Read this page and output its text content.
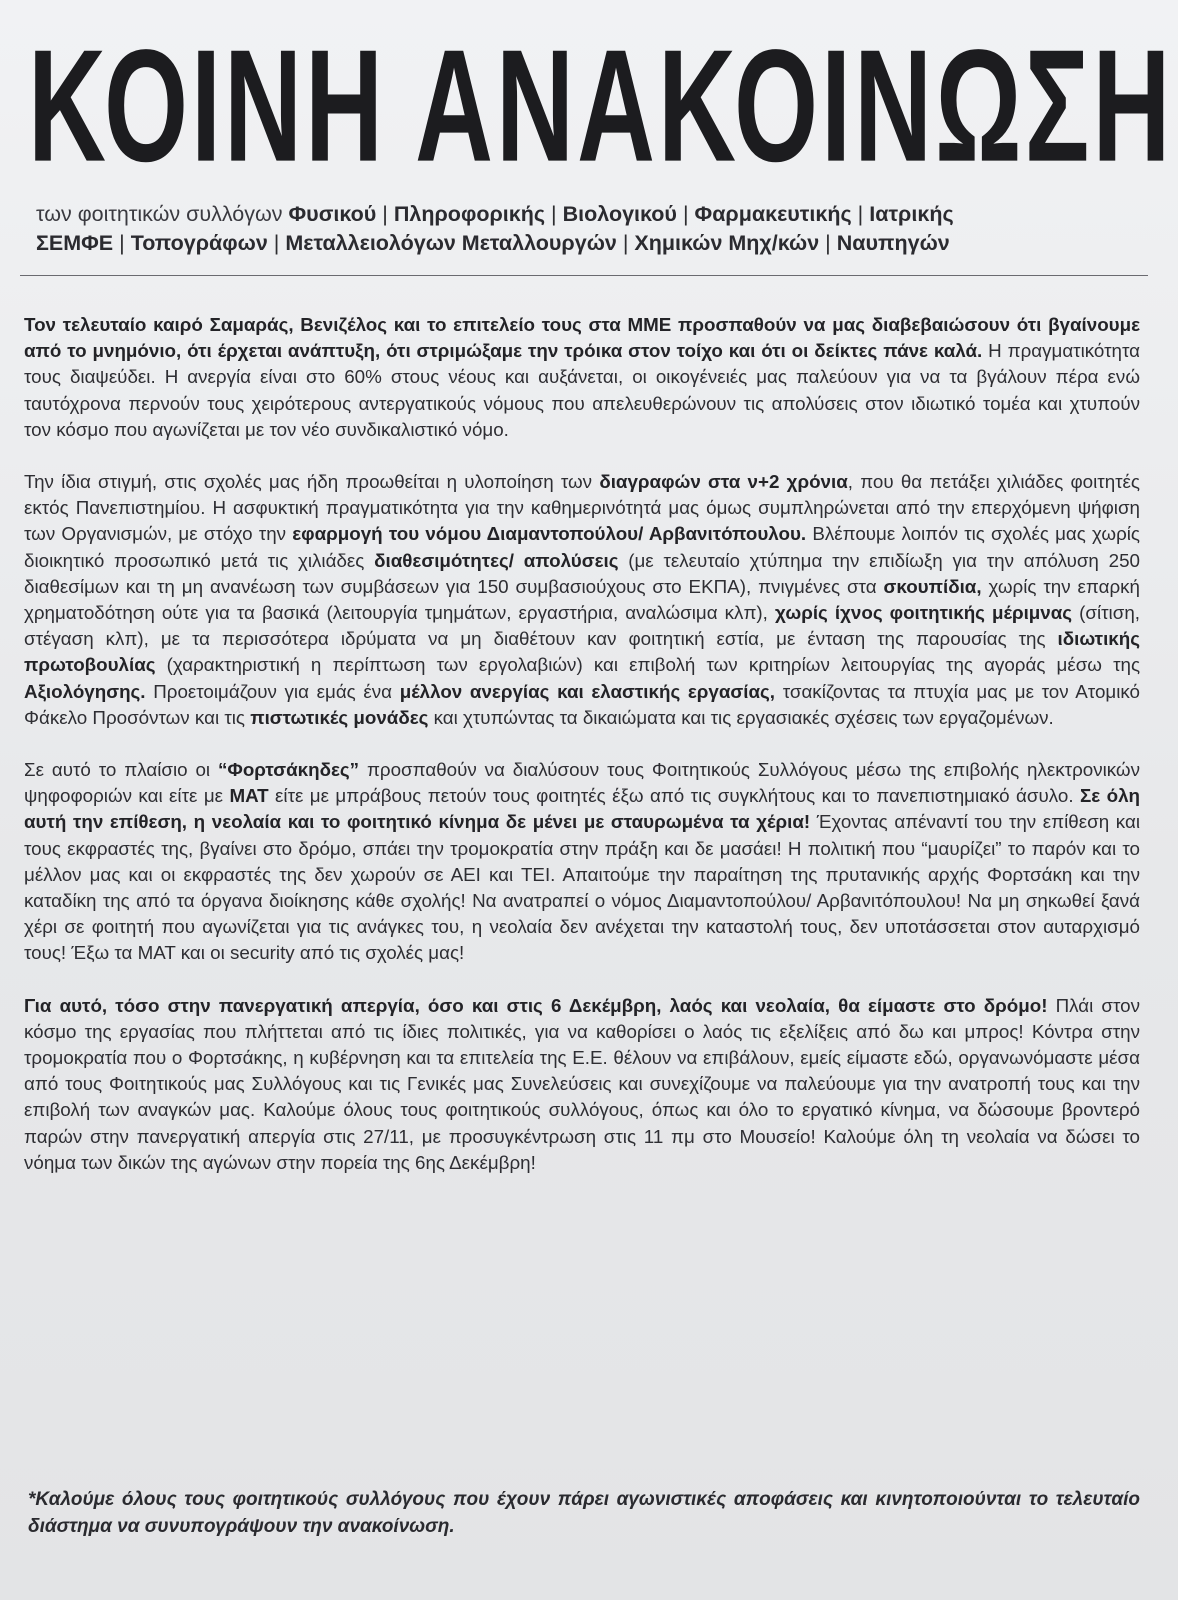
ΚΟΙΝΗ ΑΝΑΚΟΙΝΩΣΗ
των φοιτητικών συλλόγων Φυσικού | Πληροφορικής | Βιολογικού | Φαρμακευτικής | Ιατρικής
ΣΕΜΦΕ | Τοπογράφων | Μεταλλειολόγων Μεταλλουργών | Χημικών Μηχ/κών | Ναυπηγών

Τον τελευταίο καιρό Σαμαράς, Βενιζέλος και το επιτελείο τους στα ΜΜΕ προσπαθούν να μας διαβεβαιώσουν ότι βγαίνουμε από το μνημόνιο, ότι έρχεται ανάπτυξη, ότι στριμώξαμε την τρόικα στον τοίχο και ότι οι δείκτες πάνε καλά. Η πραγματικότητα τους διαψεύδει. Η ανεργία είναι στο 60% στους νέους και αυξάνεται, οι οικογένειές μας παλεύουν για να τα βγάλουν πέρα ενώ ταυτόχρονα περνούν τους χειρότερους αντεργατικούς νόμους που απελευθερώνουν τις απολύσεις στον ιδιωτικό τομέα και χτυπούν τον κόσμο που αγωνίζεται με τον νέο συνδικαλιστικό νόμο.

Την ίδια στιγμή, στις σχολές μας ήδη προωθείται η υλοποίηση των διαγραφών στα ν+2 χρόνια, που θα πετάξει χιλιάδες φοιτητές εκτός Πανεπιστημίου. Η ασφυκτική πραγματικότητα για την καθημερινότητά μας όμως συμπληρώνεται από την επερχόμενη ψήφιση των Οργανισμών, με στόχο την εφαρμογή του νόμου Διαμαντοπούλου/ Αρβανιτόπουλου. Βλέπουμε λοιπόν τις σχολές μας χωρίς διοικητικό προσωπικό μετά τις χιλιάδες διαθεσιμότητες/ απολύσεις (με τελευταίο χτύπημα την επιδίωξη για την απόλυση 250 διαθεσίμων και τη μη ανανέωση των συμβάσεων για 150 συμβασιούχους στο ΕΚΠΑ), πνιγμένες στα σκουπίδια, χωρίς την επαρκή χρηματοδότηση ούτε για τα βασικά (λειτουργία τμημάτων, εργαστήρια, αναλώσιμα κλπ), χωρίς ίχνος φοιτητικής μέριμνας (σίτιση, στέγαση κλπ), με τα περισσότερα ιδρύματα να μη διαθέτουν καν φοιτητική εστία, με ένταση της παρουσίας της ιδιωτικής πρωτοβουλίας (χαρακτηριστική η περίπτωση των εργολαβιών) και επιβολή των κριτηρίων λειτουργίας της αγοράς μέσω της Αξιολόγησης. Προετοιμάζουν για εμάς ένα μέλλον ανεργίας και ελαστικής εργασίας, τσακίζοντας τα πτυχία μας με τον Ατομικό Φάκελο Προσόντων και τις πιστωτικές μονάδες και χτυπώντας τα δικαιώματα και τις εργασιακές σχέσεις των εργαζομένων.

Σε αυτό το πλαίσιο οι “Φορτσάκηδες” προσπαθούν να διαλύσουν τους Φοιτητικούς Συλλόγους μέσω της επιβολής ηλεκτρονικών ψηφοφοριών και είτε με ΜΑΤ είτε με μπράβους πετούν τους φοιτητές έξω από τις συγκλήτους και το πανεπιστημιακό άσυλο. Σε όλη αυτή την επίθεση, η νεολαία και το φοιτητικό κίνημα δε μένει με σταυρωμένα τα χέρια! Έχοντας απέναντί του την επίθεση και τους εκφραστές της, βγαίνει στο δρόμο, σπάει την τρομοκρατία στην πράξη και δε μασάει! Η πολιτική που “μαυρίζει” το παρόν και το μέλλον μας και οι εκφραστές της δεν χωρούν σε ΑΕΙ και ΤΕΙ. Απαιτούμε την παραίτηση της πρυτανικής αρχής Φορτσάκη και την καταδίκη της από τα όργανα διοίκησης κάθε σχολής! Να ανατραπεί ο νόμος Διαμαντοπούλου/ Αρβανιτόπουλου! Να μη σηκωθεί ξανά χέρι σε φοιτητή που αγωνίζεται για τις ανάγκες του, η νεολαία δεν ανέχεται την καταστολή τους, δεν υποτάσσεται στον αυταρχισμό τους! Έξω τα ΜΑΤ και οι security από τις σχολές μας!

Για αυτό, τόσο στην πανεργατική απεργία, όσο και στις 6 Δεκέμβρη, λαός και νεολαία, θα είμαστε στο δρόμο! Πλάι στον κόσμο της εργασίας που πλήττεται από τις ίδιες πολιτικές, για να καθορίσει ο λαός τις εξελίξεις από δω και μπρος! Κόντρα στην τρομοκρατία που ο Φορτσάκης, η κυβέρνηση και τα επιτελεία της Ε.Ε. θέλουν να επιβάλουν, εμείς είμαστε εδώ, οργανωνόμαστε μέσα από τους Φοιτητικούς μας Συλλόγους και τις Γενικές μας Συνελεύσεις και συνεχίζουμε να παλεύουμε για την ανατροπή τους και την επιβολή των αναγκών μας. Καλούμε όλους τους φοιτητικούς συλλόγους, όπως και όλο το εργατικό κίνημα, να δώσουμε βροντερό παρών στην πανεργατική απεργία στις 27/11, με προσυγκέντρωση στις 11 πμ στο Μουσείο! Καλούμε όλη τη νεολαία να δώσει το νόημα των δικών της αγώνων στην πορεία της 6ης Δεκέμβρη!

*Καλούμε όλους τους φοιτητικούς συλλόγους που έχουν πάρει αγωνιστικές αποφάσεις και κινητοποιούνται το τελευταίο διάστημα να συνυπογράψουν την ανακοίνωση.
